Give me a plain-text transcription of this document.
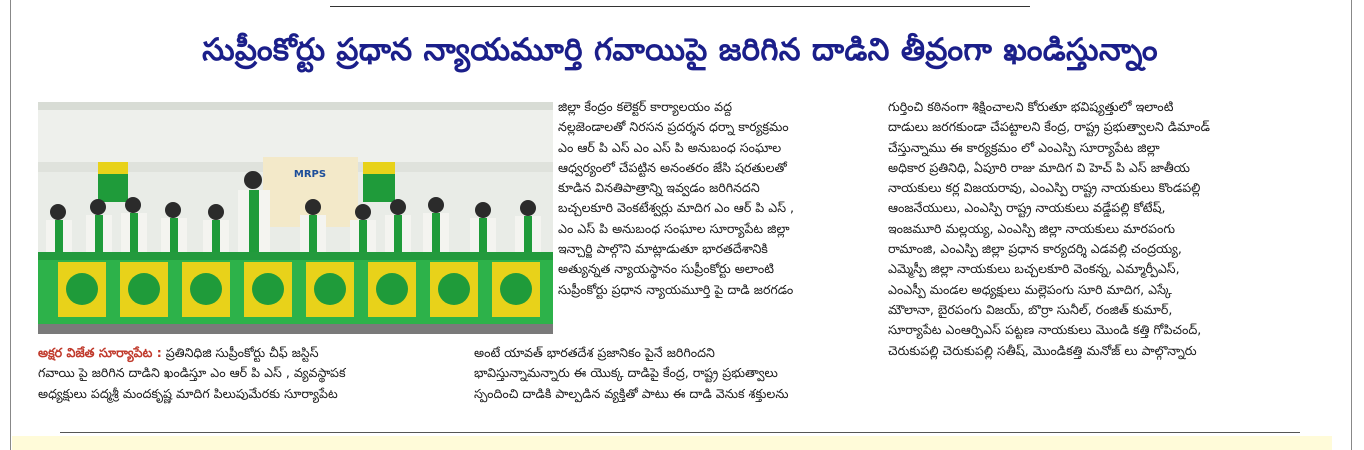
సుప్రీంకోర్టు ప్రధాన న్యాయమూర్తి గవాయిపై జరిగిన దాడిని తీవ్రంగా ఖండిస్తున్నాం
MRPS

అక్షర విజేత సూర్యాపేట : ప్రతినిధిజి సుప్రీంకోర్టు చీఫ్ జస్టిస్

గవాయి పై జరిగిన దాడిని ఖండిస్తూ ఎం ఆర్ పి ఎస్ , వ్యవస్థాపక

అధ్యక్షులు పద్మశ్రీ మందకృష్ణ మాదిగ పిలుపుమేరకు సూర్యాపేట

జిల్లా కేంద్రం కలెక్టర్ కార్యాలయం వద్ద

నల్లజెండాలతో నిరసన ప్రదర్శన ధర్నా కార్యక్రమం

ఎం ఆర్ పి ఎస్ ఎం ఎస్ పి అనుబంధ సంఘాల

ఆధ్వర్యంలో చేపట్టిన అనంతరం జేసి షరతులతో

కూడిన వినతిపాత్రాన్ని ఇవ్వడం జరిగినదని

బచ్చలకూరి వెంకటేశ్వర్లు మాదిగ ఎం ఆర్ పి ఎస్ ,

ఎం ఎస్ పి అనుబంధ సంఘాల సూర్యాపేట జిల్లా

ఇన్చార్జి పాల్గొని మాట్లాడుతూ భారతదేశానికి

అత్యున్నత న్యాయస్థానం సుప్రీంకోర్టు అలాంటి

సుప్రీంకోర్టు ప్రధాన న్యాయమూర్తి పై దాడి జరగడం

అంటే యావత్ భారతదేశ ప్రజానికం పైనే జరిగిందని

భావిస్తున్నామన్నారు ఈ యొక్క దాడిపై కేంద్ర, రాష్ట్ర ప్రభుత్వాలు

స్పందించి దాడికి పాల్పడిన వ్యక్తితో పాటు ఈ దాడి వెనుక శక్తులను

గుర్తించి కఠినంగా శిక్షించాలని కోరుతూ భవిష్యత్తులో ఇలాంటి

దాడులు జరగకుండా చేపట్టాలని కేంద్ర, రాష్ట్ర ప్రభుత్వాలని డిమాండ్

చేస్తున్నాము ఈ కార్యక్రమం లో ఎంఎస్పి సూర్యాపేట జిల్లా

అధికార ప్రతినిధి, ఏపూరి రాజు మాదిగ వి హెచ్ పి ఎస్ జాతీయ

నాయకులు కర్ల విజయరావు, ఎంఎస్పి రాష్ట్ర నాయకులు కొండపల్లి

ఆంజనేయులు, ఎంఎస్పి రాష్ట్ర నాయకులు వడ్డేపల్లి కోటేష్,

ఇంజమూరి మల్లయ్య, ఎంఎస్పి జిల్లా నాయకులు మారపంగు

రామాంజి, ఎంఎస్పి జిల్లా ప్రధాన కార్యదర్శి ఎడవల్లి చంద్రయ్య,

ఎమ్మెస్పీ జిల్లా నాయకులు బచ్చలకూరి వెంకన్న, ఎమ్మార్పీఎస్,

ఎంఎస్పీ మండల అధ్యక్షులు మల్లెపంగు సూరి మాదిగ, ఎస్కే

మౌలానా, బైరపంగు విజయ్, బొర్రా సునీల్, రంజిత్ కుమార్,

సూర్యాపేట ఎంఆర్పిఎస్ పట్టణ నాయకులు మొండి కత్తి గోపిచంద్,

చెరుకుపల్లి చెరుకుపల్లి సతీష్, మొండికత్తి మనోజ్ లు పాల్గొన్నారు
